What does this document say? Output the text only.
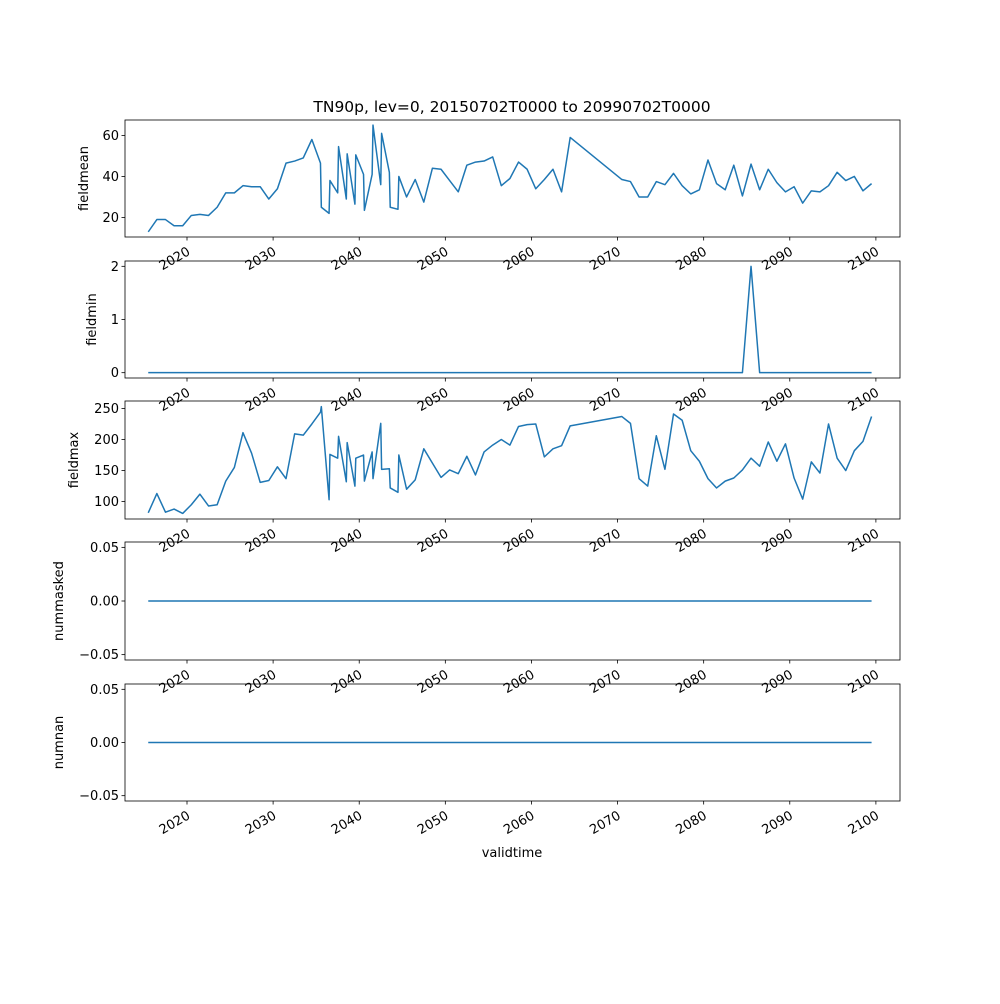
20
40
60
fieldmean
2020	2030	2040	2050	2060	2070	2080	2090	2100
0
1
2
fieldmin
2020	2030	2040	2050	2060	2070	2080	2090	2100
100
150
200
250
fieldmax
2020	2030	2040	2050	2060	2070	2080	2090	2100
−0.05
0.00
0.05
nummasked
2020	2030	2040	2050	2060	2070	2080	2090	2100
−0.05
0.00
0.05
numnan
2020	2030	2040	2050	2060	2070	2080	2090	2100
TN90p, lev=0, 20150702T0000 to 20990702T0000
validtime
